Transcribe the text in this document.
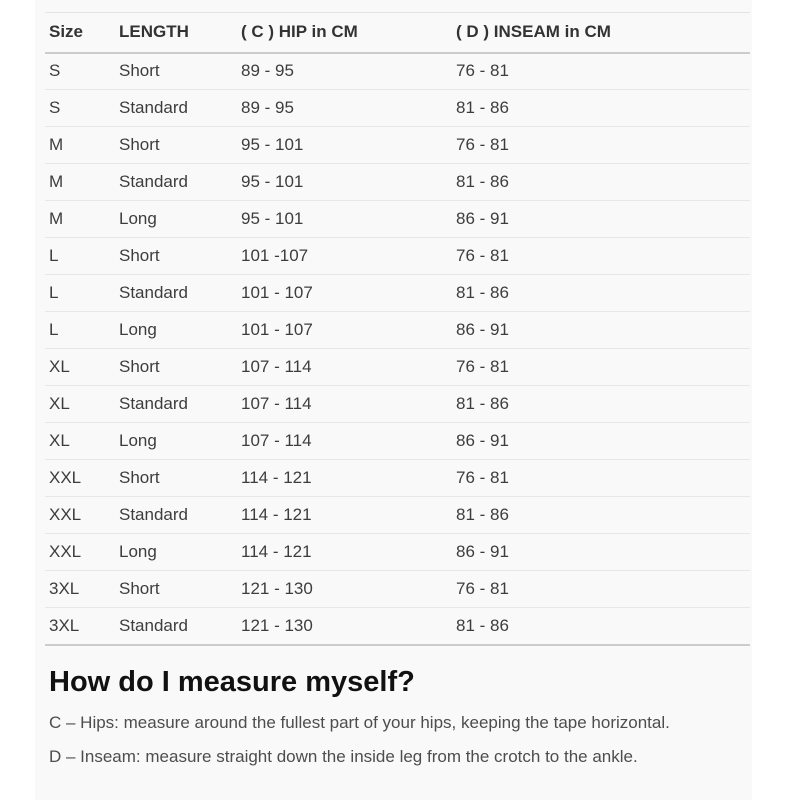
Size	LENGTH	( C ) HIP in CM	( D ) INSEAM in CM
S	Short	89 - 95	76 - 81
S	Standard	89 - 95	81 - 86
M	Short	95 - 101	76 - 81
M	Standard	95 - 101	81 - 86
M	Long	95 - 101	86 - 91
L	Short	101 -107	76 - 81
L	Standard	101 - 107	81 - 86
L	Long	101 - 107	86 - 91
XL	Short	107 - 114	76 - 81
XL	Standard	107 - 114	81 - 86
XL	Long	107 - 114	86 - 91
XXL	Short	114 - 121	76 - 81
XXL	Standard	114 - 121	81 - 86
XXL	Long	114 - 121	86 - 91
3XL	Short	121 - 130	76 - 81
3XL	Standard	121 - 130	81 - 86
How do I measure myself?

C – Hips: measure around the fullest part of your hips, keeping the tape horizontal.

D – Inseam: measure straight down the inside leg from the crotch to the ankle.
